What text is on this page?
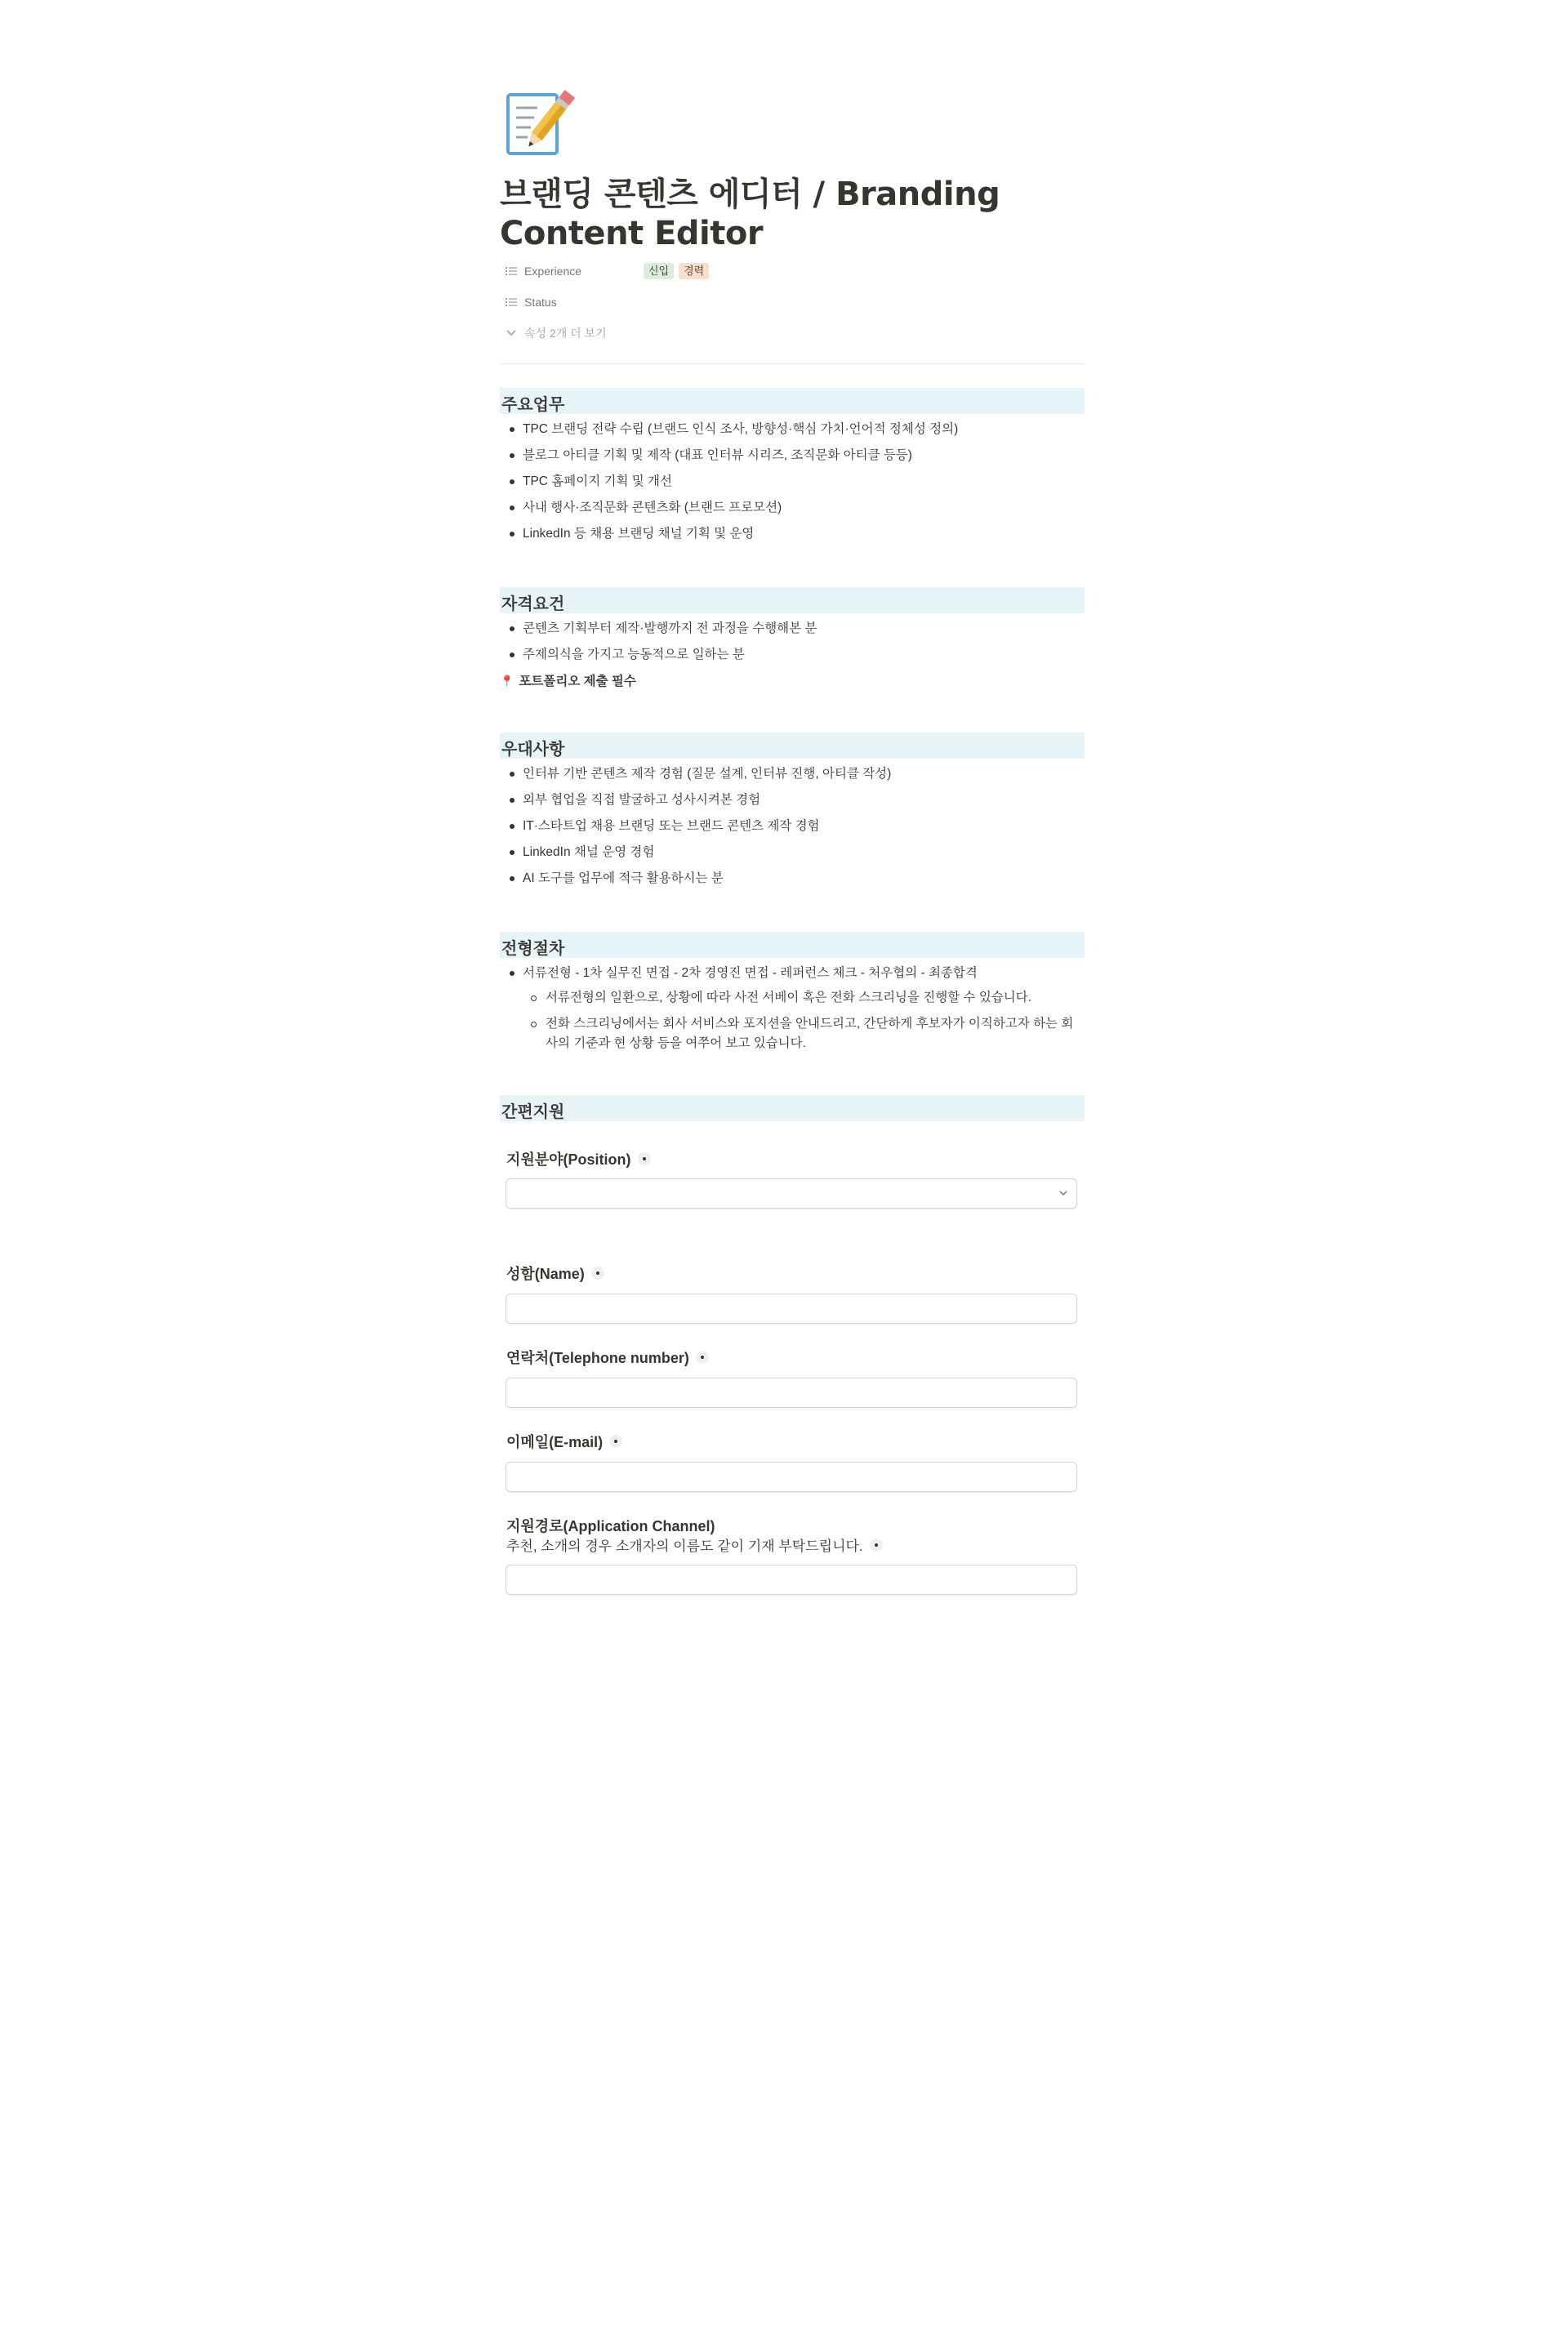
브랜딩 콘텐츠 에디터 / Branding Content Editor
Experience	신입	경력
Status
속성 2개 더 보기
주요업무
TPC 브랜딩 전략 수립 (브랜드 인식 조사, 방향성·핵심 가치·언어적 정체성 정의)
블로그 아티클 기획 및 제작 (대표 인터뷰 시리즈, 조직문화 아티클 등등)
TPC 홈페이지 기획 및 개선
사내 행사·조직문화 콘텐츠화 (브랜드 프로모션)
LinkedIn 등 채용 브랜딩 채널 기획 및 운영
자격요건
콘텐츠 기획부터 제작·발행까지 전 과정을 수행해본 분
주제의식을 가지고 능동적으로 일하는 분
📍 포트폴리오 제출 필수
우대사항
인터뷰 기반 콘텐츠 제작 경험 (질문 설계, 인터뷰 진행, 아티클 작성)
외부 협업을 직접 발굴하고 성사시켜본 경험
IT·스타트업 채용 브랜딩 또는 브랜드 콘텐츠 제작 경험
LinkedIn 채널 운영 경험
AI 도구를 업무에 적극 활용하시는 분
전형절차
서류전형 - 1차 실무진 면접 - 2차 경영진 면접 - 레퍼런스 체크 - 처우협의 - 최종합격
서류전형의 일환으로, 상황에 따라 사전 서베이 혹은 전화 스크리닝을 진행할 수 있습니다.
전화 스크리닝에서는 회사 서비스와 포지션을 안내드리고, 간단하게 후보자가 이직하고자 하는 회사의 기준과 현 상황 등을 여쭈어 보고 있습니다.
간편지원
지원분야(Position)
성함(Name)
연락처(Telephone number)
이메일(E-mail)
지원경로(Application Channel)
추천, 소개의 경우 소개자의 이름도 같이 기재 부탁드립니다.
